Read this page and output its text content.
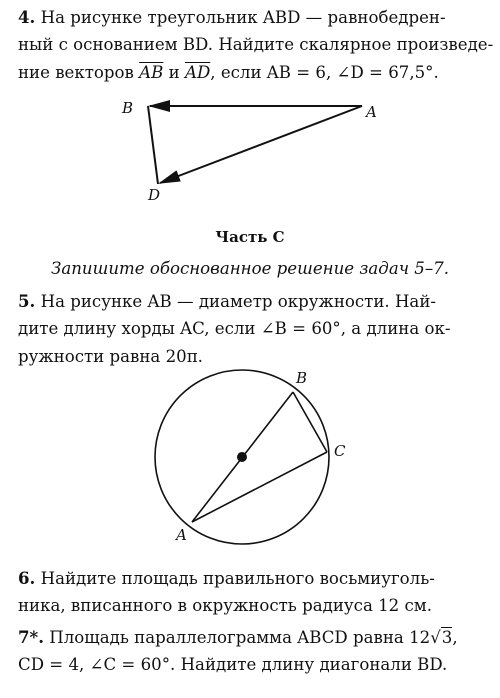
4. На рисунке треугольник ABD — равнобедрен-
ный с основанием BD. Найдите скалярное произведе-
ние векторов $\overline{AB}$ и $\overline{AD}$, если AB = 6, ∠D = 67,5°.
B	A
D
B
C
A
Часть С
Запишите обоснованное решение задач 5–7.
5. На рисунке AB — диаметр окружности. Най-
дите длину хорды AC, если ∠B = 60°, а длина ок-
ружности равна 20π.
6. Найдите площадь правильного восьмиуголь-
ника, вписанного в окружность радиуса 12 см.
7*. Площадь параллелограмма ABCD равна 12√3,
CD = 4, ∠C = 60°. Найдите длину диагонали BD.
